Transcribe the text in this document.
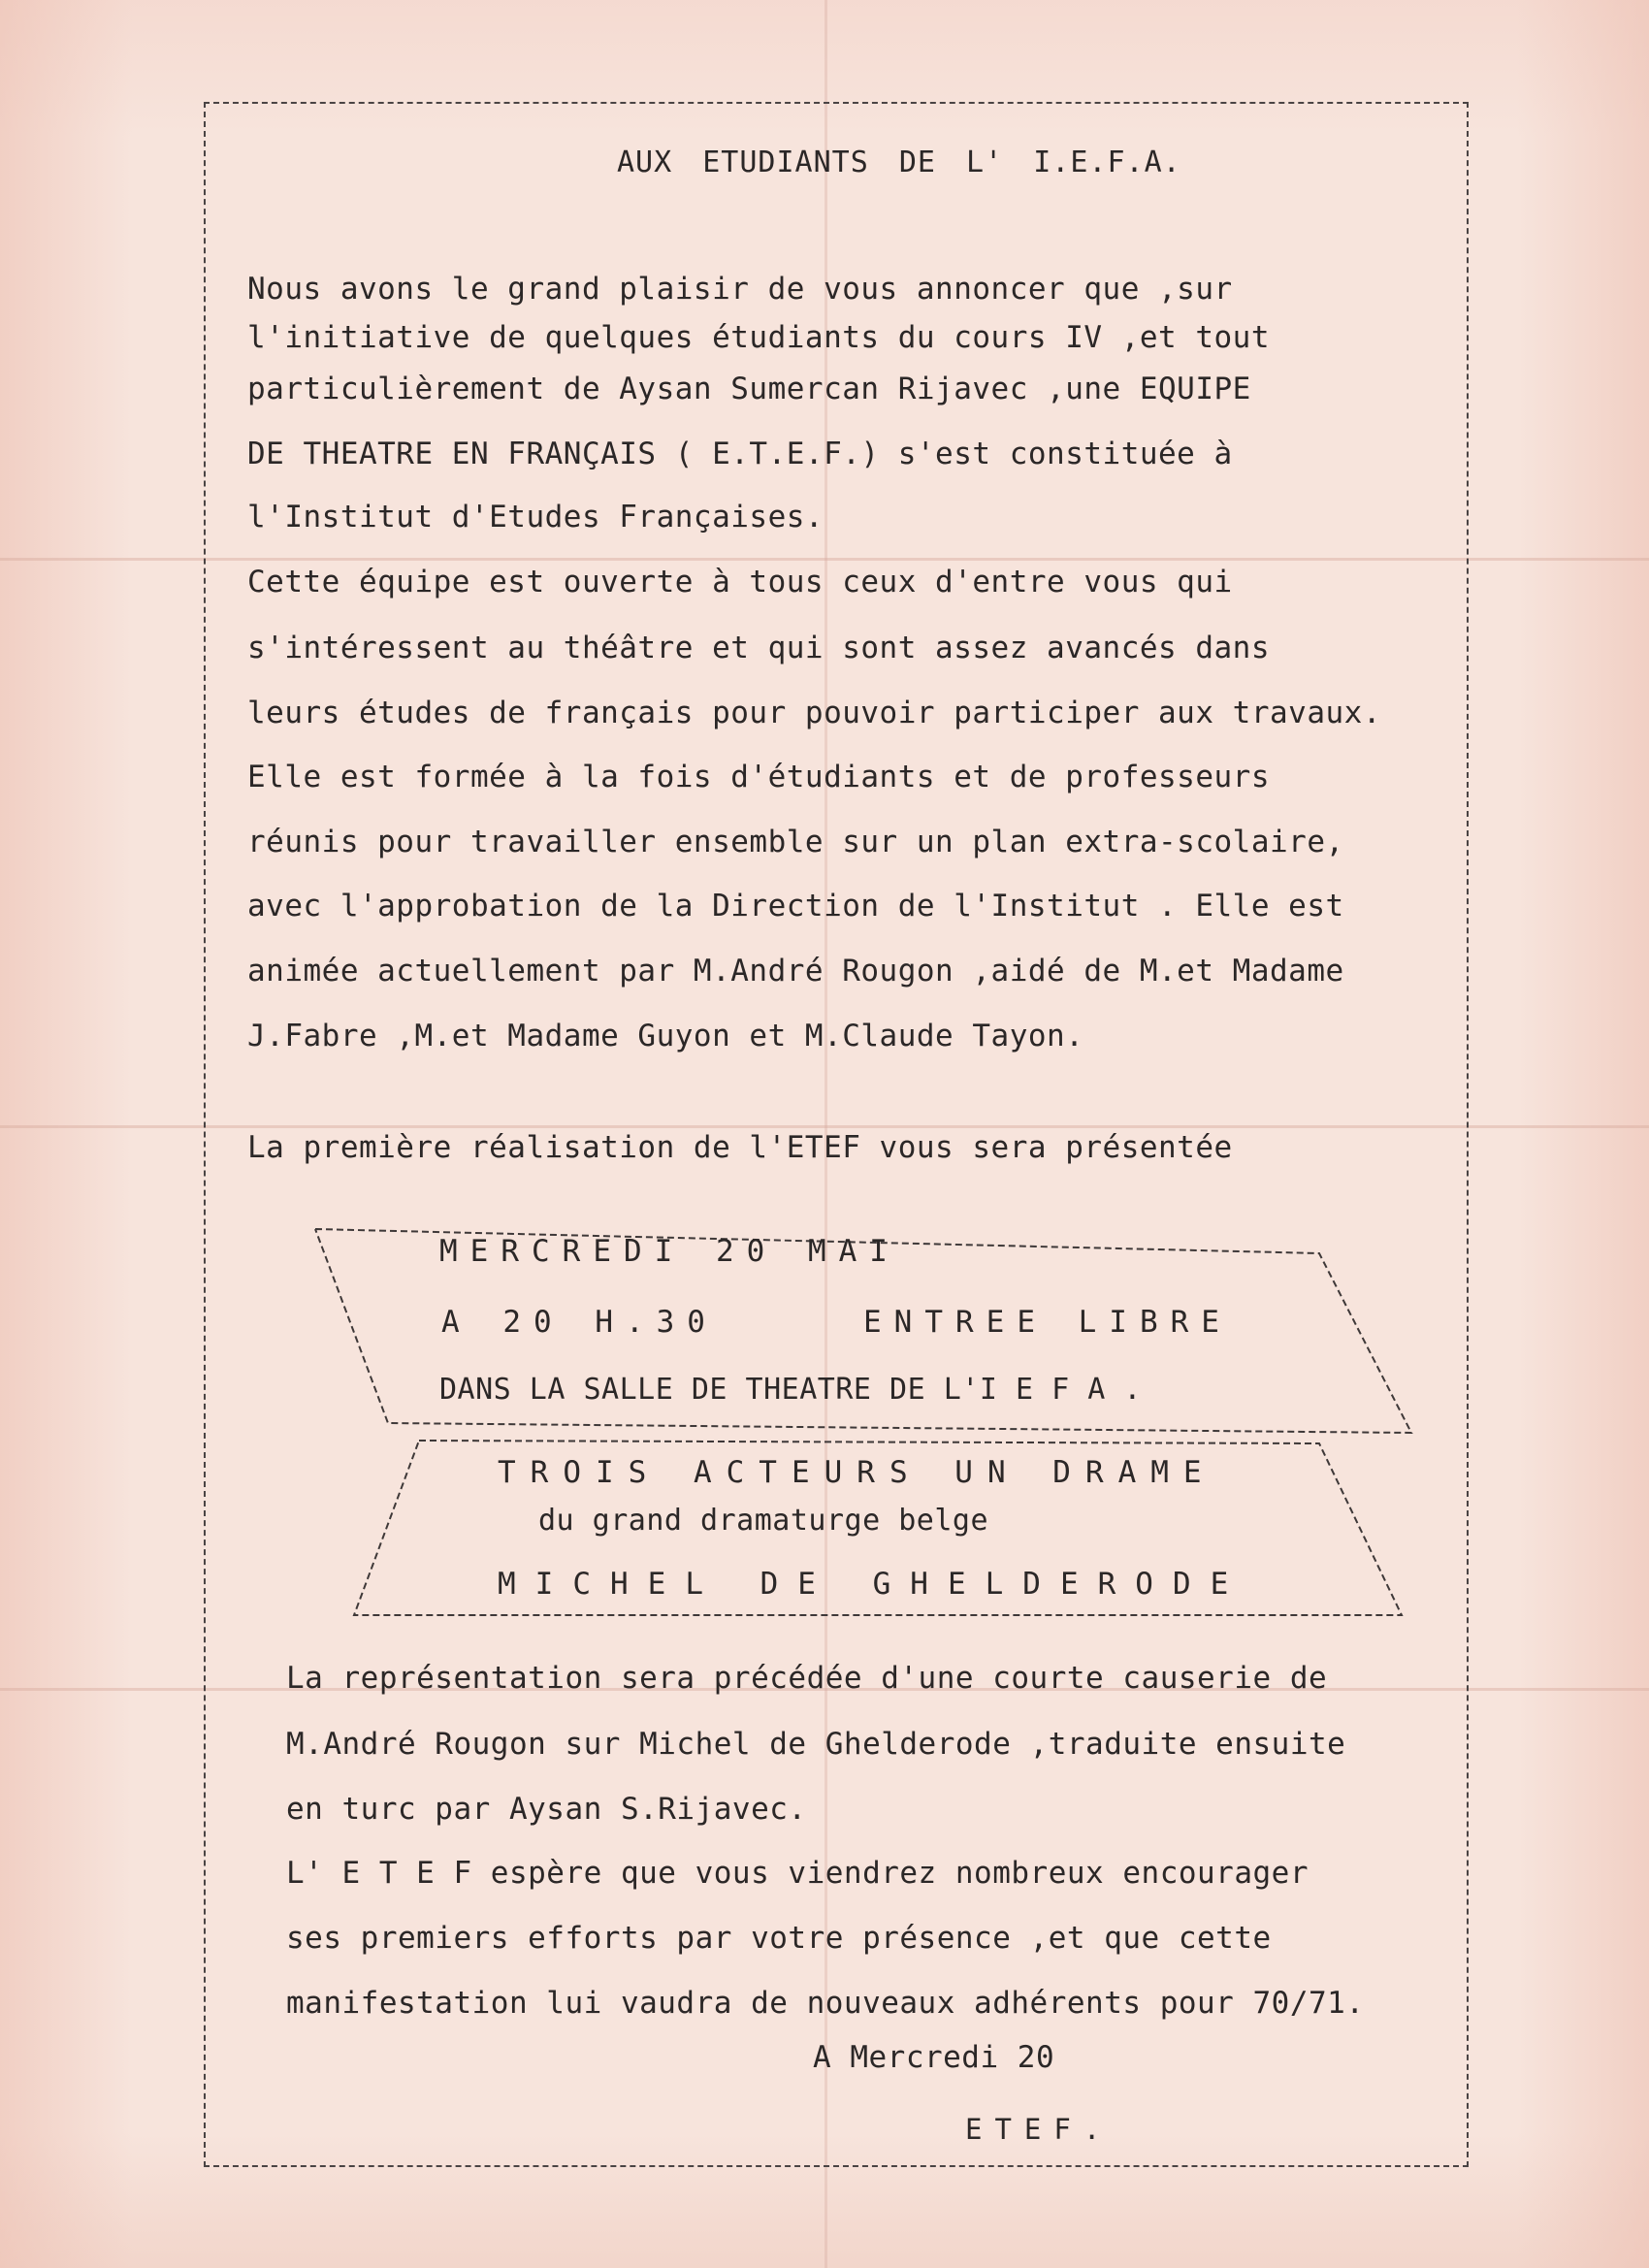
AUX ETUDIANTS DE L' I.E.F.A.
Nous avons le grand plaisir de vous annoncer que ,sur
l'initiative de quelques étudiants du cours IV ,et tout
particulièrement de Aysan Sumercan Rijavec ,une EQUIPE
DE THEATRE EN FRANÇAIS ( E.T.E.F.) s'est constituée à
l'Institut d'Etudes Françaises.
Cette équipe est ouverte à tous ceux d'entre vous qui
s'intéressent au théâtre et qui sont assez avancés dans
leurs études de français pour pouvoir participer aux travaux.
Elle est formée à la fois d'étudiants et de professeurs
réunis pour travailler ensemble sur un plan extra-scolaire,
avec l'approbation de la Direction de l'Institut . Elle est
animée actuellement par M.André Rougon ,aidé de M.et Madame
J.Fabre ,M.et Madame Guyon et M.Claude Tayon.
La première réalisation de l'ETEF vous sera présentée
MERCREDI 20 MAI
A 20 H.30	ENTREE LIBRE
DANS LA SALLE DE THEATRE DE L'I E F A .
TROIS ACTEURS UN DRAME
du grand dramaturge belge
MICHEL DE GHELDERODE
La représentation sera précédée d'une courte causerie de
M.André Rougon sur Michel de Ghelderode ,traduite ensuite
en turc par Aysan S.Rijavec.
L' E T E F espère que vous viendrez nombreux encourager
ses premiers efforts par votre présence ,et que cette
manifestation lui vaudra de nouveaux adhérents pour 70/71.
A Mercredi 20
ETEF.
